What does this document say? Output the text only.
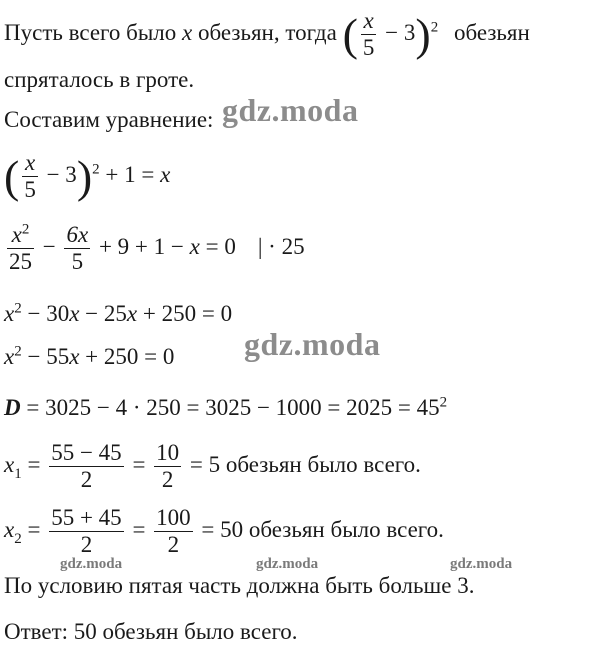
Пусть всего было x обезьян, тогда ( $\frac{x}{5} - 3)^2$ обезьян
спряталось в гроте.
Составим уравнение:
( $\frac{x}{5} - 3)^2 + 1 = x$
$\frac{x^2}{25} - \frac{6x}{5} + 9 + 1 - x = 0$ | · 25
$x^2 - 30x - 25x + 250 = 0$
$x^2 - 55x + 250 = 0$
$D = 3025 - 4 \cdot 250 = 3025 - 1000 = 2025 = 45^2$
$x_1 = \frac{55 - 45}{2} = \frac{10}{2} = 5$ обезьян было всего.
$x_2 = \frac{55 + 45}{2} = \frac{100}{2} = 50$ обезьян было всего.
По условию пятая часть должна быть больше 3.
Ответ: 50 обезьян было всего.
gdz.moda
gdz.moda
gdz.moda	gdz.moda	gdz.moda
